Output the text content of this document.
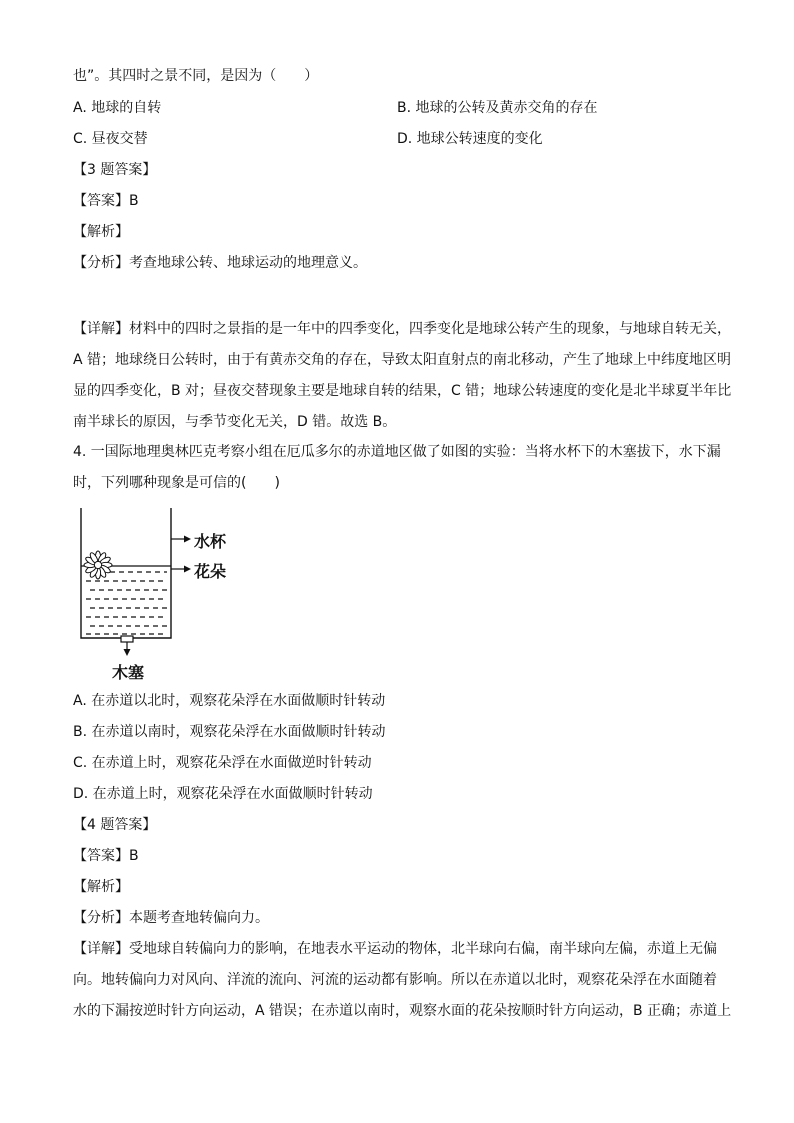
也”。其四时之景不同，是因为（　　）
A. 地球的自转	B. 地球的公转及黄赤交角的存在
C. 昼夜交替	D. 地球公转速度的变化
【3 题答案】
【答案】B
【解析】
【分析】考查地球公转、地球运动的地理意义。
【详解】材料中的四时之景指的是一年中的四季变化，四季变化是地球公转产生的现象，与地球自转无关，
A 错；地球绕日公转时，由于有黄赤交角的存在，导致太阳直射点的南北移动，产生了地球上中纬度地区明
显的四季变化，B 对；昼夜交替现象主要是地球自转的结果，C 错；地球公转速度的变化是北半球夏半年比
南半球长的原因，与季节变化无关，D 错。故选 B。
4. 一国际地理奥林匹克考察小组在厄瓜多尔的赤道地区做了如图的实验：当将水杯下的木塞拔下，水下漏
时，下列哪种现象是可信的(　　)
水杯
花朵
木塞
A. 在赤道以北时，观察花朵浮在水面做顺时针转动
B. 在赤道以南时，观察花朵浮在水面做顺时针转动
C. 在赤道上时，观察花朵浮在水面做逆时针转动
D. 在赤道上时，观察花朵浮在水面做顺时针转动
【4 题答案】
【答案】B
【解析】
【分析】本题考查地转偏向力。
【详解】受地球自转偏向力的影响，在地表水平运动的物体，北半球向右偏，南半球向左偏，赤道上无偏
向。地转偏向力对风向、洋流的流向、河流的运动都有影响。所以在赤道以北时，观察花朵浮在水面随着
水的下漏按逆时针方向运动，A 错误；在赤道以南时，观察水面的花朵按顺时针方向运动，B 正确；赤道上
